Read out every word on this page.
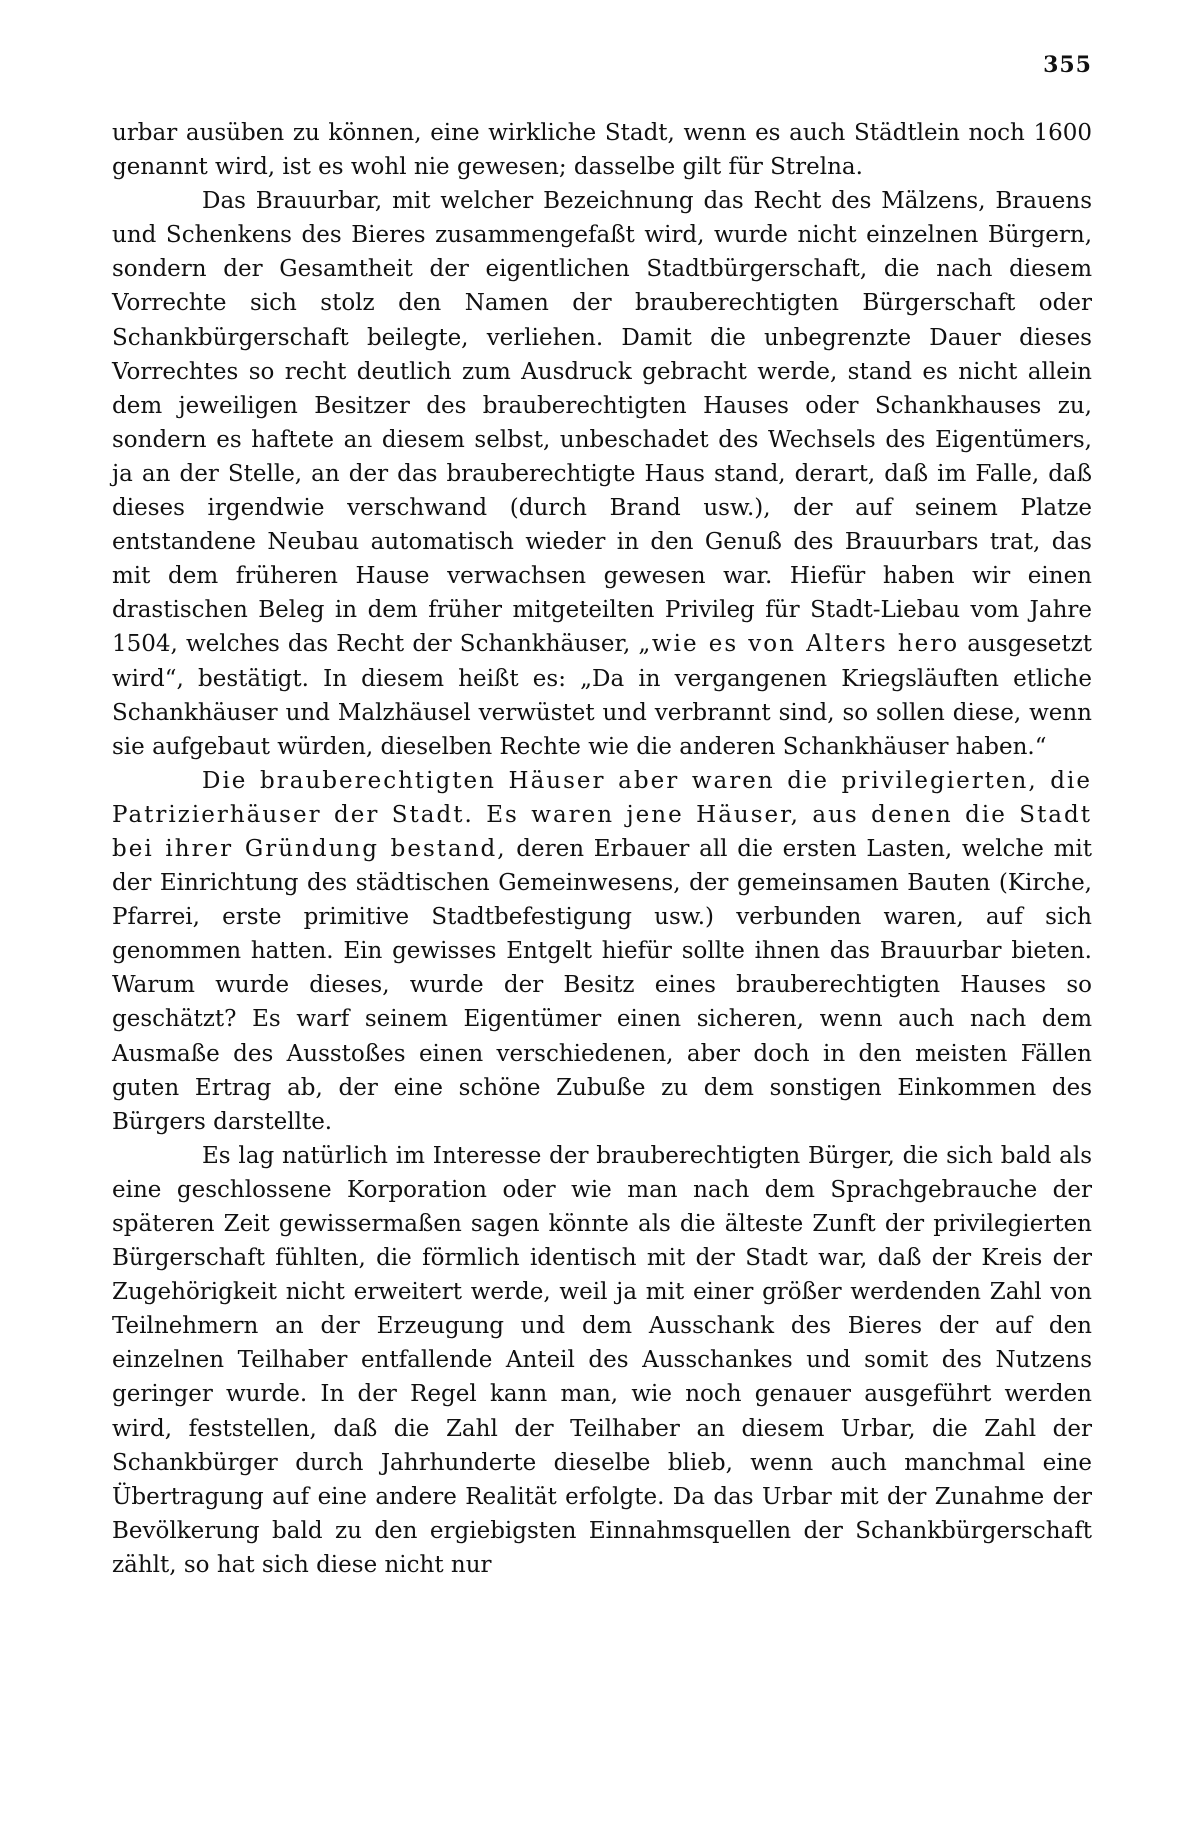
355

urbar ausüben zu können, eine wirkliche Stadt, wenn es auch Städtlein noch 1600 genannt wird, ist es wohl nie gewesen; dasselbe gilt für Strelna.

Das Brauurbar, mit welcher Bezeichnung das Recht des Mälzens, Brauens und Schenkens des Bieres zusammengefaßt wird, wurde nicht einzelnen Bürgern, sondern der Gesamtheit der eigentlichen Stadtbürgerschaft, die nach diesem Vorrechte sich stolz den Namen der brauberechtigten Bürgerschaft oder Schankbürgerschaft beilegte, verliehen. Damit die unbegrenzte Dauer dieses Vorrechtes so recht deutlich zum Ausdruck gebracht werde, stand es nicht allein dem jeweiligen Besitzer des brauberechtigten Hauses oder Schankhauses zu, sondern es haftete an diesem selbst, unbeschadet des Wechsels des Eigentümers, ja an der Stelle, an der das brauberechtigte Haus stand, derart, daß im Falle, daß dieses irgendwie verschwand (durch Brand usw.), der auf seinem Platze entstandene Neubau automatisch wieder in den Genuß des Brauurbars trat, das mit dem früheren Hause verwachsen gewesen war. Hiefür haben wir einen drastischen Beleg in dem früher mitgeteilten Privileg für Stadt-Liebau vom Jahre 1504, welches das Recht der Schankhäuser, „wie es von Alters hero ausgesetzt wird“, bestätigt. In diesem heißt es: „Da in vergangenen Kriegsläuften etliche Schankhäuser und Malzhäusel verwüstet und verbrannt sind, so sollen diese, wenn sie aufgebaut würden, dieselben Rechte wie die anderen Schankhäuser haben.“

Die brauberechtigten Häuser aber waren die privilegierten, die Patrizierhäuser der Stadt. Es waren jene Häuser, aus denen die Stadt bei ihrer Gründung bestand, deren Erbauer all die ersten Lasten, welche mit der Einrichtung des städtischen Gemeinwesens, der gemeinsamen Bauten (Kirche, Pfarrei, erste primitive Stadtbefestigung usw.) verbunden waren, auf sich genommen hatten. Ein gewisses Entgelt hiefür sollte ihnen das Brauurbar bieten. Warum wurde dieses, wurde der Besitz eines brauberechtigten Hauses so geschätzt? Es warf seinem Eigentümer einen sicheren, wenn auch nach dem Ausmaße des Ausstoßes einen verschiedenen, aber doch in den meisten Fällen guten Ertrag ab, der eine schöne Zubuße zu dem sonstigen Einkommen des Bürgers darstellte.

Es lag natürlich im Interesse der brauberechtigten Bürger, die sich bald als eine geschlossene Korporation oder wie man nach dem Sprachgebrauche der späteren Zeit gewissermaßen sagen könnte als die älteste Zunft der privilegierten Bürgerschaft fühlten, die förmlich identisch mit der Stadt war, daß der Kreis der Zugehörigkeit nicht erweitert werde, weil ja mit einer größer werdenden Zahl von Teilnehmern an der Erzeugung und dem Ausschank des Bieres der auf den einzelnen Teilhaber entfallende Anteil des Ausschankes und somit des Nutzens geringer wurde. In der Regel kann man, wie noch genauer ausgeführt werden wird, feststellen, daß die Zahl der Teilhaber an diesem Urbar, die Zahl der Schankbürger durch Jahrhunderte dieselbe blieb, wenn auch manchmal eine Übertragung auf eine andere Realität erfolgte. Da das Urbar mit der Zunahme der Bevölkerung bald zu den ergiebigsten Einnahmsquellen der Schankbürgerschaft zählt, so hat sich diese nicht nur
